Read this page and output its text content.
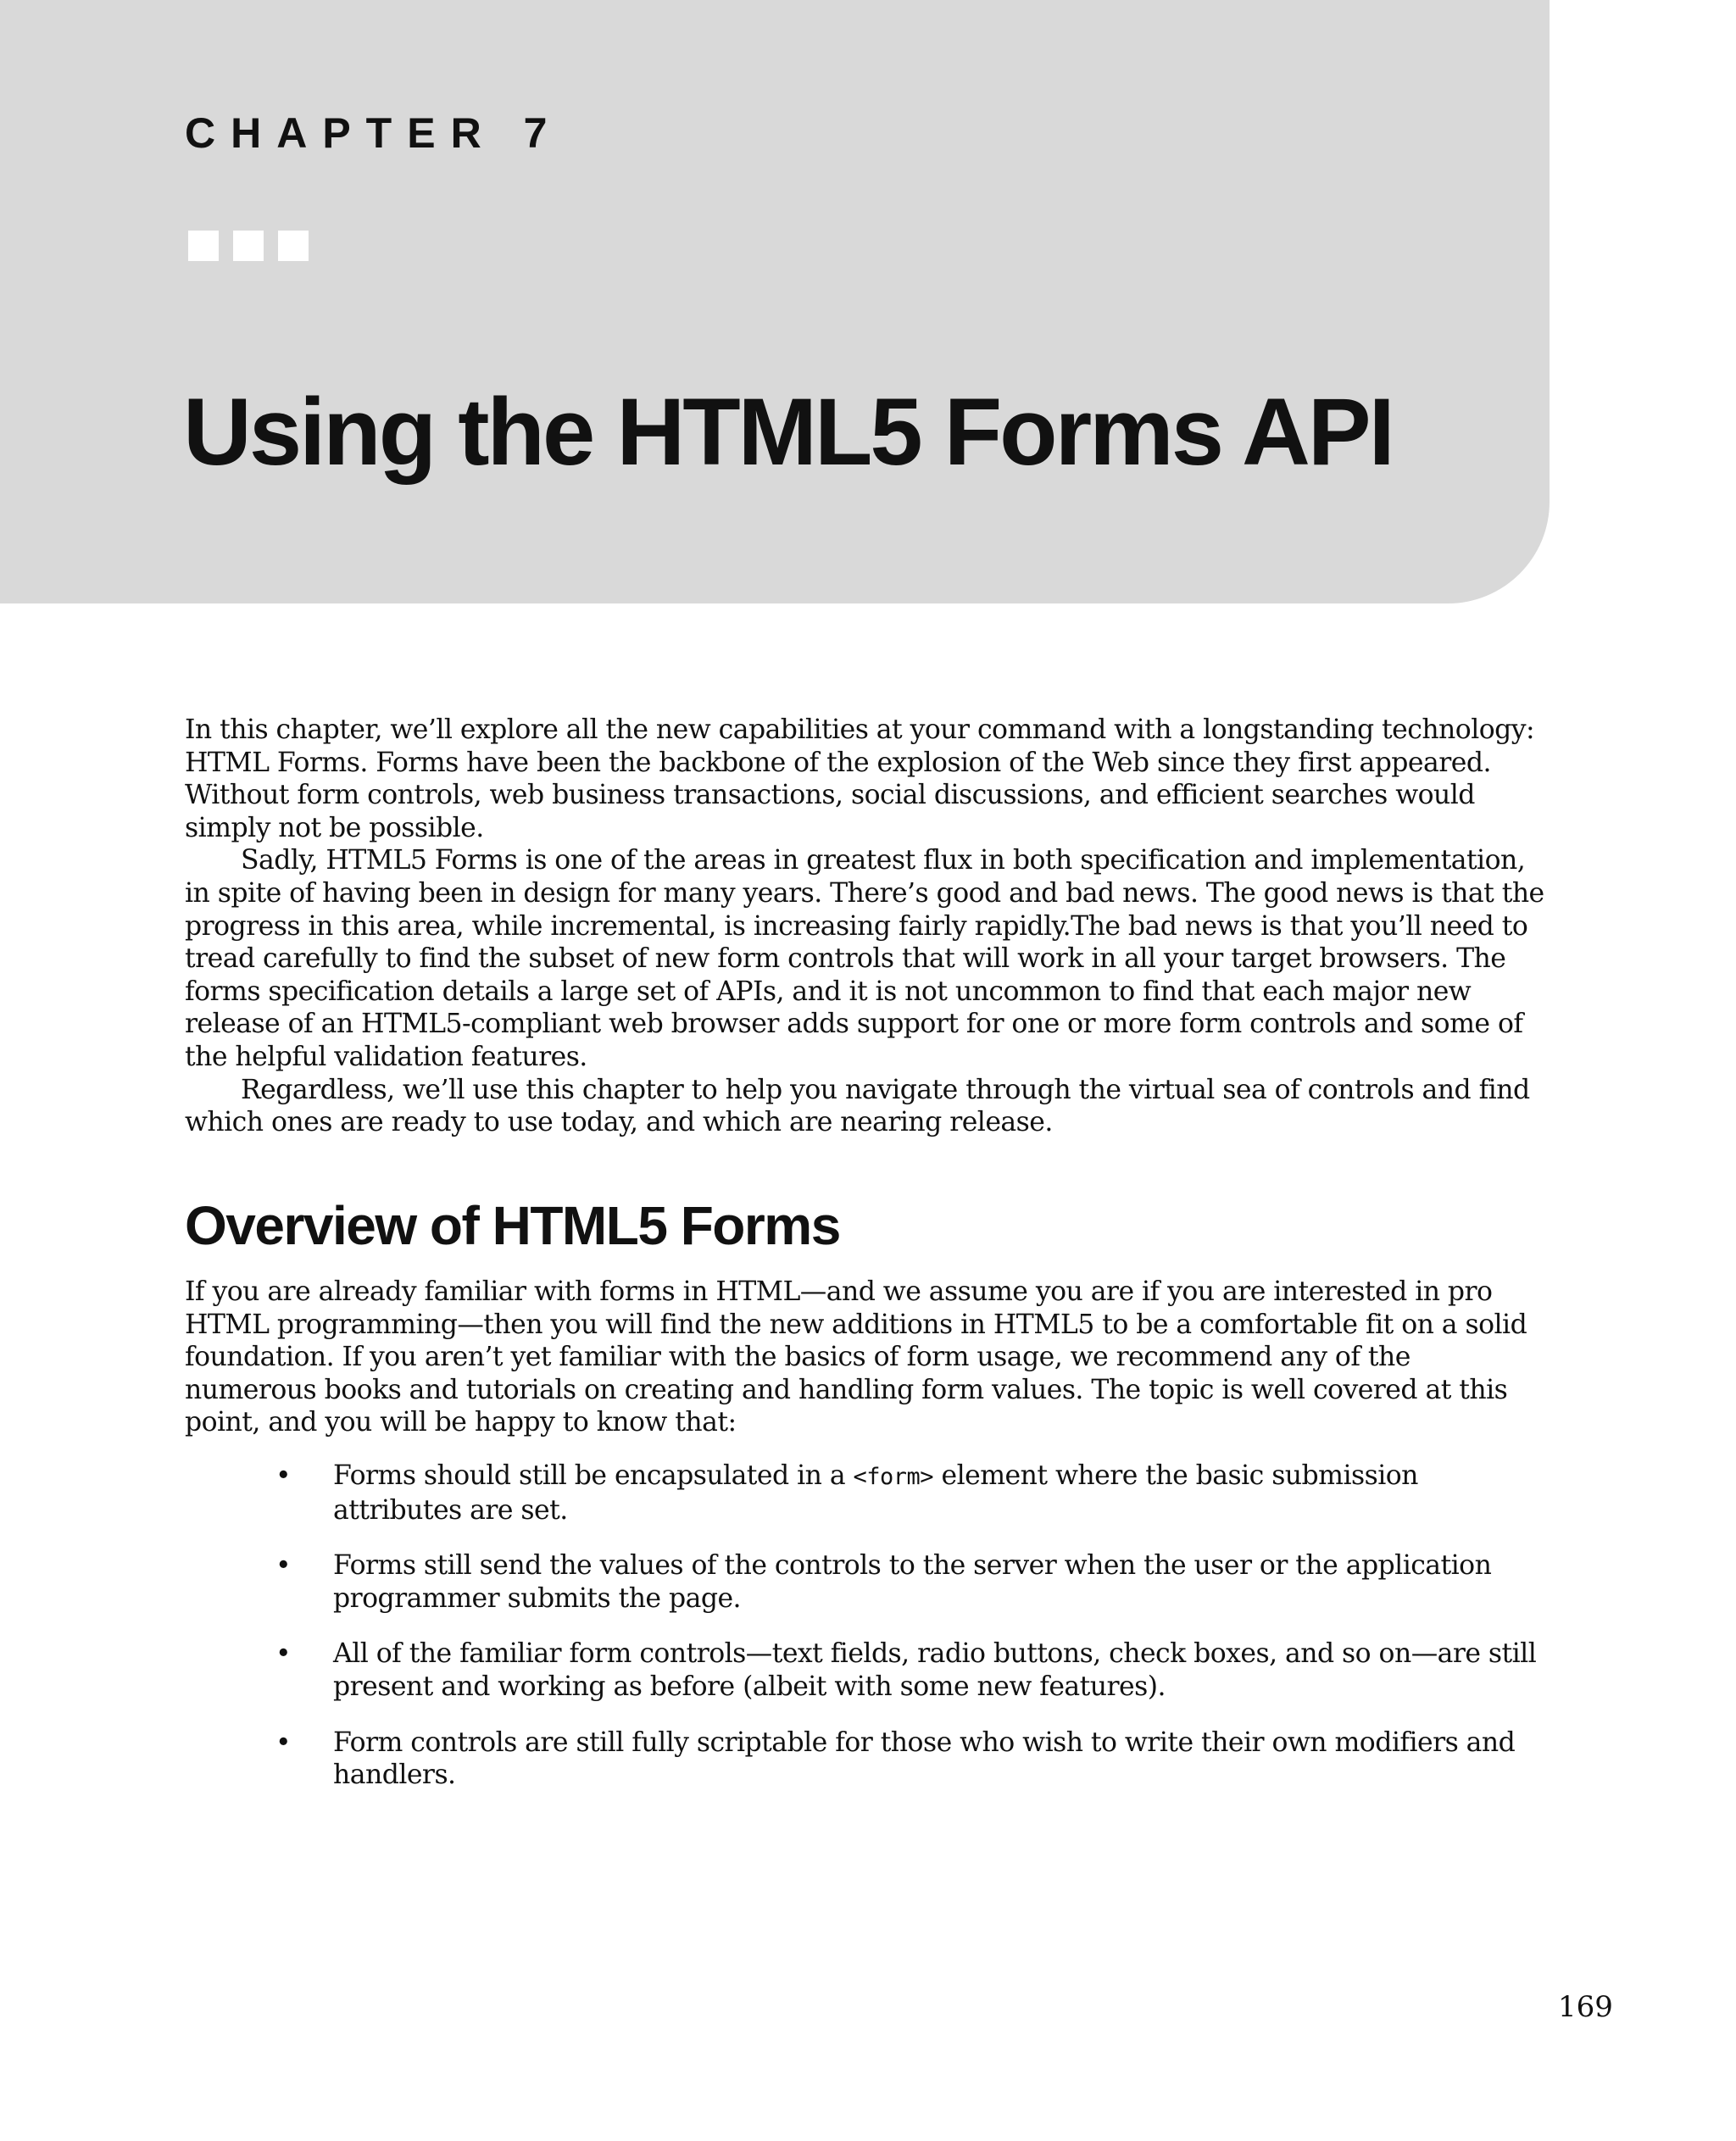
CHAPTER 7
Using the HTML5 Forms API

In this chapter, we’ll explore all the new capabilities at your command with a longstanding technology: HTML Forms. Forms have been the backbone of the explosion of the Web since they first appeared. Without form controls, web business transactions, social discussions, and efficient searches would simply not be possible.

Sadly, HTML5 Forms is one of the areas in greatest flux in both specification and implementation, in spite of having been in design for many years. There’s good and bad news. The good news is that the progress in this area, while incremental, is increasing fairly rapidly.The bad news is that you’ll need to tread carefully to find the subset of new form controls that will work in all your target browsers. The forms specification details a large set of APIs, and it is not uncommon to find that each major new release of an HTML5-compliant web browser adds support for one or more form controls and some of the helpful validation features.

Regardless, we’ll use this chapter to help you navigate through the virtual sea of controls and find which ones are ready to use today, and which are nearing release.

Overview of HTML5 Forms

If you are already familiar with forms in HTML—and we assume you are if you are interested in pro HTML programming—then you will find the new additions in HTML5 to be a comfortable fit on a solid foundation. If you aren’t yet familiar with the basics of form usage, we recommend any of the numerous books and tutorials on creating and handling form values. The topic is well covered at this point, and you will be happy to know that:

• Forms should still be encapsulated in a <form> element where the basic submission attributes are set.
• Forms still send the values of the controls to the server when the user or the application programmer submits the page.
• All of the familiar form controls—text fields, radio buttons, check boxes, and so on—are still present and working as before (albeit with some new features).
• Form controls are still fully scriptable for those who wish to write their own modifiers and handlers.
169
